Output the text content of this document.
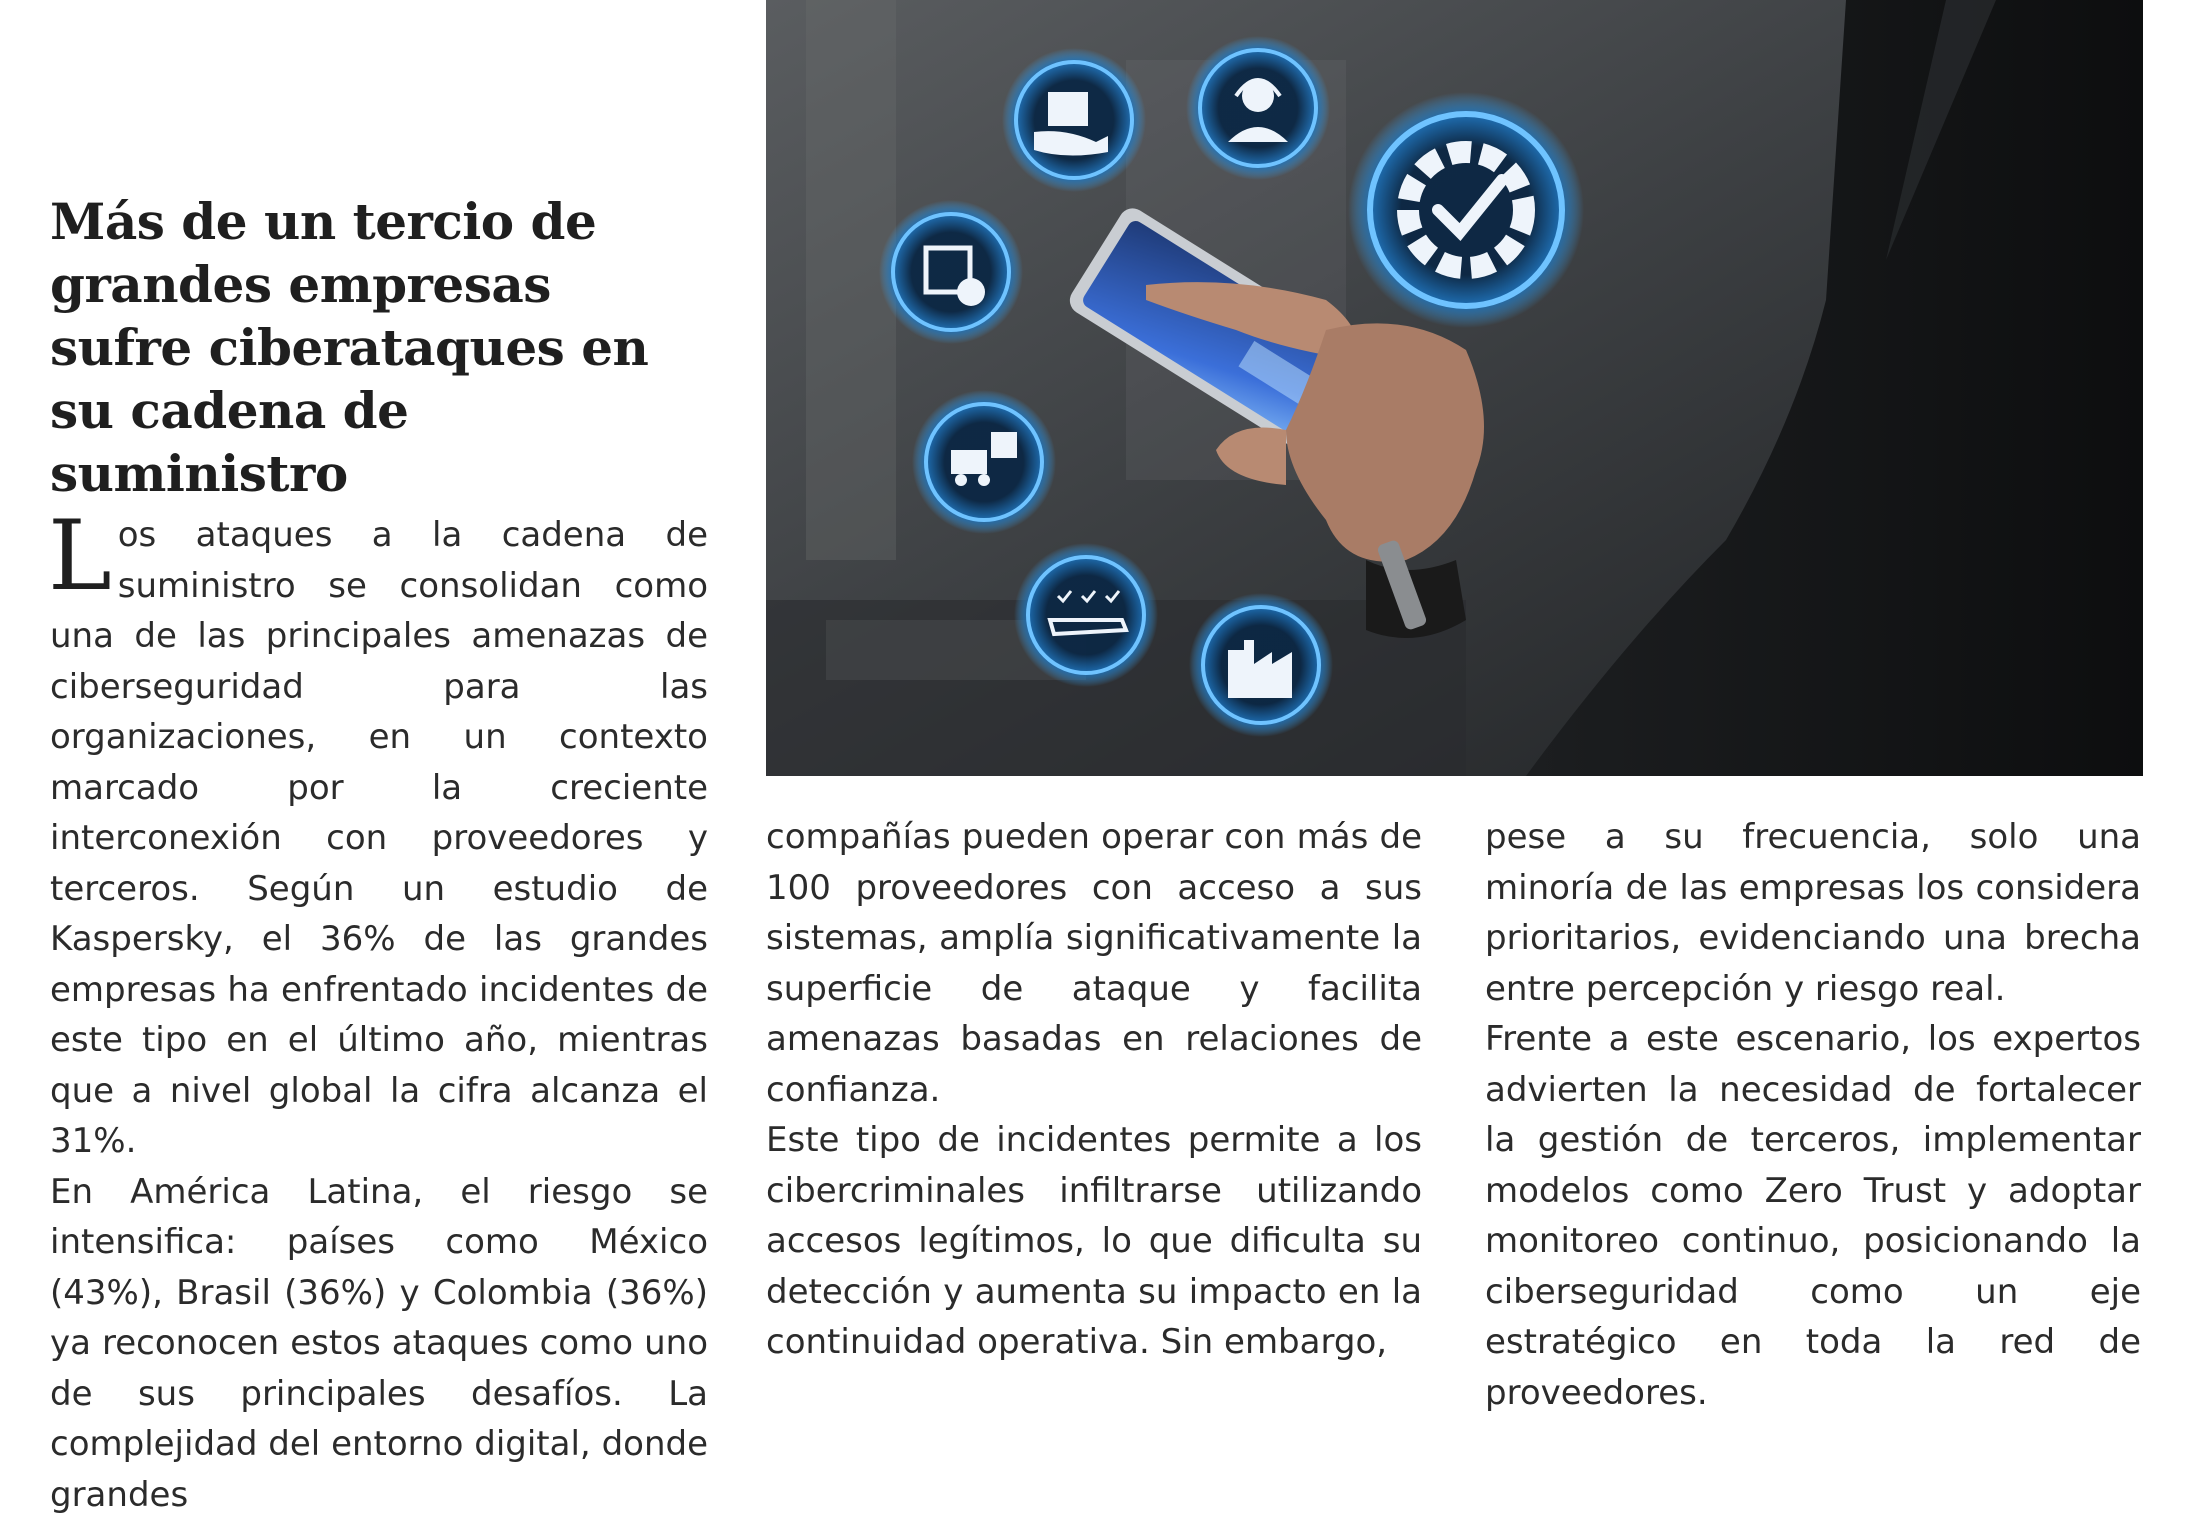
Más de un tercio de grandes empresas sufre ciberataques en su cadena de suministro

Los ataques a la cadena de suministro se consolidan como una de las principales amenazas de ciberseguridad para las organizaciones, en un contexto marcado por la creciente interconexión con proveedores y terceros. Según un estudio de Kaspersky, el 36% de las grandes empresas ha enfrentado incidentes de este tipo en el último año, mientras que a nivel global la cifra alcanza el 31%.

En América Latina, el riesgo se intensifica: países como México (43%), Brasil (36%) y Colombia (36%) ya reconocen estos ataques como uno de sus principales desafíos. La complejidad del entorno digital, donde grandes

compañías pueden operar con más de 100 proveedores con acceso a sus sistemas, amplía significativamente la superficie de ataque y facilita amenazas basadas en relaciones de confianza.

Este tipo de incidentes permite a los cibercriminales infiltrarse utilizando accesos legítimos, lo que dificulta su detección y aumenta su impacto en la continuidad operativa. Sin embargo,

pese a su frecuencia, solo una minoría de las empresas los considera prioritarios, evidenciando una brecha entre percepción y riesgo real.

Frente a este escenario, los expertos advierten la necesidad de fortalecer la gestión de terceros, implementar modelos como Zero Trust y adoptar monitoreo continuo, posicionando la ciberseguridad como un eje estratégico en toda la red de proveedores.
